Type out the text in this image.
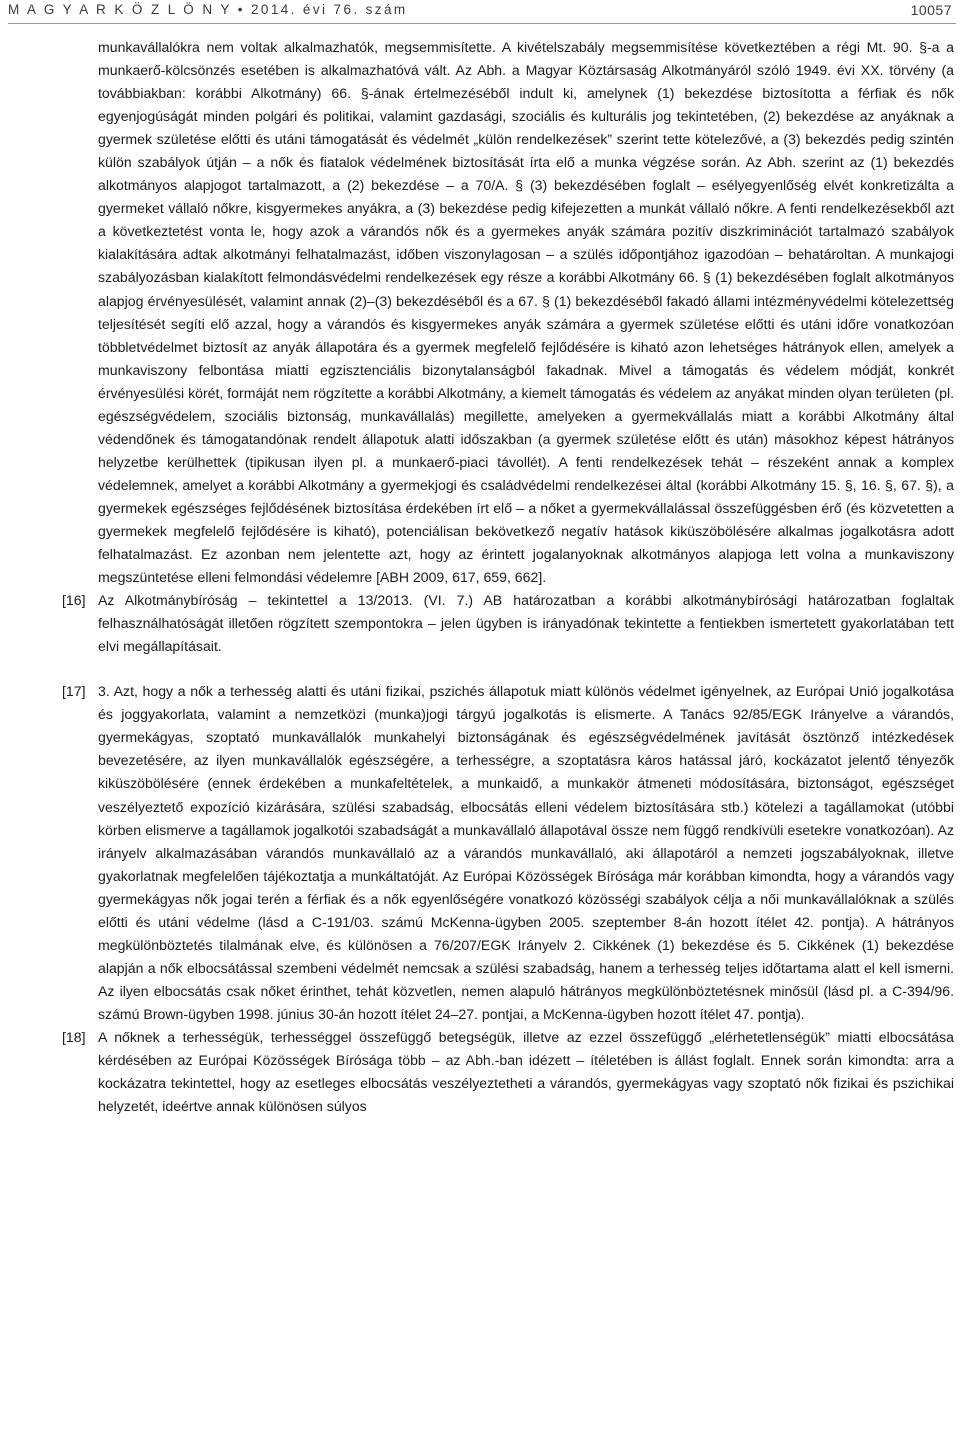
M A G Y A R K Ö Z L Ö N Y • 2014. évi 76. szám	10057

munkavállalókra nem voltak alkalmazhatók, megsemmisítette. A kivételszabály megsemmisítése következtében a régi Mt. 90. §-a a munkaerő-kölcsönzés esetében is alkalmazhatóvá vált. Az Abh. a Magyar Köztársaság Alkotmányáról szóló 1949. évi XX. törvény (a továbbiakban: korábbi Alkotmány) 66. §-ának értelmezéséből indult ki, amelynek (1) bekezdése biztosította a férfiak és nők egyenjogúságát minden polgári és politikai, valamint gazdasági, szociális és kulturális jog tekintetében, (2) bekezdése az anyáknak a gyermek születése előtti és utáni támogatását és védelmét „külön rendelkezések” szerint tette kötelezővé, a (3) bekezdés pedig szintén külön szabályok útján – a nők és fiatalok védelmének biztosítását írta elő a munka végzése során. Az Abh. szerint az (1) bekezdés alkotmányos alapjogot tartalmazott, a (2) bekezdése – a 70/A. § (3) bekezdésében foglalt – esélyegyenlőség elvét konkretizálta a gyermeket vállaló nőkre, kisgyermekes anyákra, a (3) bekezdése pedig kifejezetten a munkát vállaló nőkre. A fenti rendelkezésekből azt a következtetést vonta le, hogy azok a várandós nők és a gyermekes anyák számára pozitív diszkriminációt tartalmazó szabályok kialakítására adtak alkotmányi felhatalmazást, időben viszonylagosan – a szülés időpontjához igazodóan – behatároltan. A munkajogi szabályozásban kialakított felmondásvédelmi rendelkezések egy része a korábbi Alkotmány 66. § (1) bekezdésében foglalt alkotmányos alapjog érvényesülését, valamint annak (2)–(3) bekezdéséből és a 67. § (1) bekezdéséből fakadó állami intézményvédelmi kötelezettség teljesítését segíti elő azzal, hogy a várandós és kisgyermekes anyák számára a gyermek születése előtti és utáni időre vonatkozóan többletvédelmet biztosít az anyák állapotára és a gyermek megfelelő fejlődésére is kiható azon lehetséges hátrányok ellen, amelyek a munkaviszony felbontása miatti egzisztenciális bizonytalanságból fakadnak. Mivel a támogatás és védelem módját, konkrét érvényesülési körét, formáját nem rögzítette a korábbi Alkotmány, a kiemelt támogatás és védelem az anyákat minden olyan területen (pl. egészségvédelem, szociális biztonság, munkavállalás) megillette, amelyeken a gyermekvállalás miatt a korábbi Alkotmány által védendőnek és támogatandónak rendelt állapotuk alatti időszakban (a gyermek születése előtt és után) másokhoz képest hátrányos helyzetbe kerülhettek (tipikusan ilyen pl. a munkaerő-piaci távollét). A fenti rendelkezések tehát – részeként annak a komplex védelemnek, amelyet a korábbi Alkotmány a gyermekjogi és családvédelmi rendelkezései által (korábbi Alkotmány 15. §, 16. §, 67. §), a gyermekek egészséges fejlődésének biztosítása érdekében írt elő – a nőket a gyermekvállalással összefüggésben érő (és közvetetten a gyermekek megfelelő fejlődésére is kiható), potenciálisan bekövetkező negatív hatások kiküszöbölésére alkalmas jogalkotásra adott felhatalmazást. Ez azonban nem jelentette azt, hogy az érintett jogalanyoknak alkotmányos alapjoga lett volna a munkaviszony megszüntetése elleni felmondási védelemre [ABH 2009, 617, 659, 662].

[16] Az Alkotmánybíróság – tekintettel a 13/2013. (VI. 7.) AB határozatban a korábbi alkotmánybírósági határozatban foglaltak felhasználhatóságát illetően rögzített szempontokra – jelen ügyben is irányadónak tekintette a fentiekben ismertetett gyakorlatában tett elvi megállapításait.

[17] 3. Azt, hogy a nők a terhesség alatti és utáni fizikai, pszichés állapotuk miatt különös védelmet igényelnek, az Európai Unió jogalkotása és joggyakorlata, valamint a nemzetközi (munka)jogi tárgyú jogalkotás is elismerte. A Tanács 92/85/EGK Irányelve a várandós, gyermekágyas, szoptató munkavállalók munkahelyi biztonságának és egészségvédelmének javítását ösztönző intézkedések bevezetésére, az ilyen munkavállalók egészségére, a terhességre, a szoptatásra káros hatással járó, kockázatot jelentő tényezők kiküszöbölésére (ennek érdekében a munkafeltételek, a munkaidő, a munkakör átmeneti módosítására, biztonságot, egészséget veszélyeztető expozíció kizárására, szülési szabadság, elbocsátás elleni védelem biztosítására stb.) kötelezi a tagállamokat (utóbbi körben elismerve a tagállamok jogalkotói szabadságát a munkavállaló állapotával össze nem függő rendkívüli esetekre vonatkozóan). Az irányelv alkalmazásában várandós munkavállaló az a várandós munkavállaló, aki állapotáról a nemzeti jogszabályoknak, illetve gyakorlatnak megfelelően tájékoztatja a munkáltatóját. Az Európai Közösségek Bírósága már korábban kimondta, hogy a várandós vagy gyermekágyas nők jogai terén a férfiak és a nők egyenlőségére vonatkozó közösségi szabályok célja a női munkavállalóknak a szülés előtti és utáni védelme (lásd a C-191/03. számú McKenna-ügyben 2005. szeptember 8-án hozott ítélet 42. pontja). A hátrányos megkülönböztetés tilalmának elve, és különösen a 76/207/EGK Irányelv 2. Cikkének (1) bekezdése és 5. Cikkének (1) bekezdése alapján a nők elbocsátással szembeni védelmét nemcsak a szülési szabadság, hanem a terhesség teljes időtartama alatt el kell ismerni. Az ilyen elbocsátás csak nőket érinthet, tehát közvetlen, nemen alapuló hátrányos megkülönböztetésnek minősül (lásd pl. a C-394/96. számú Brown-ügyben 1998. június 30-án hozott ítélet 24–27. pontjai, a McKenna-ügyben hozott ítélet 47. pontja).

[18] A nőknek a terhességük, terhességgel összefüggő betegségük, illetve az ezzel összefüggő „elérhetetlenségük” miatti elbocsátása kérdésében az Európai Közösségek Bírósága több – az Abh.-ban idézett – ítéletében is állást foglalt. Ennek során kimondta: arra a kockázatra tekintettel, hogy az esetleges elbocsátás veszélyeztetheti a várandós, gyermekágyas vagy szoptató nők fizikai és pszichikai helyzetét, ideértve annak különösen súlyos
